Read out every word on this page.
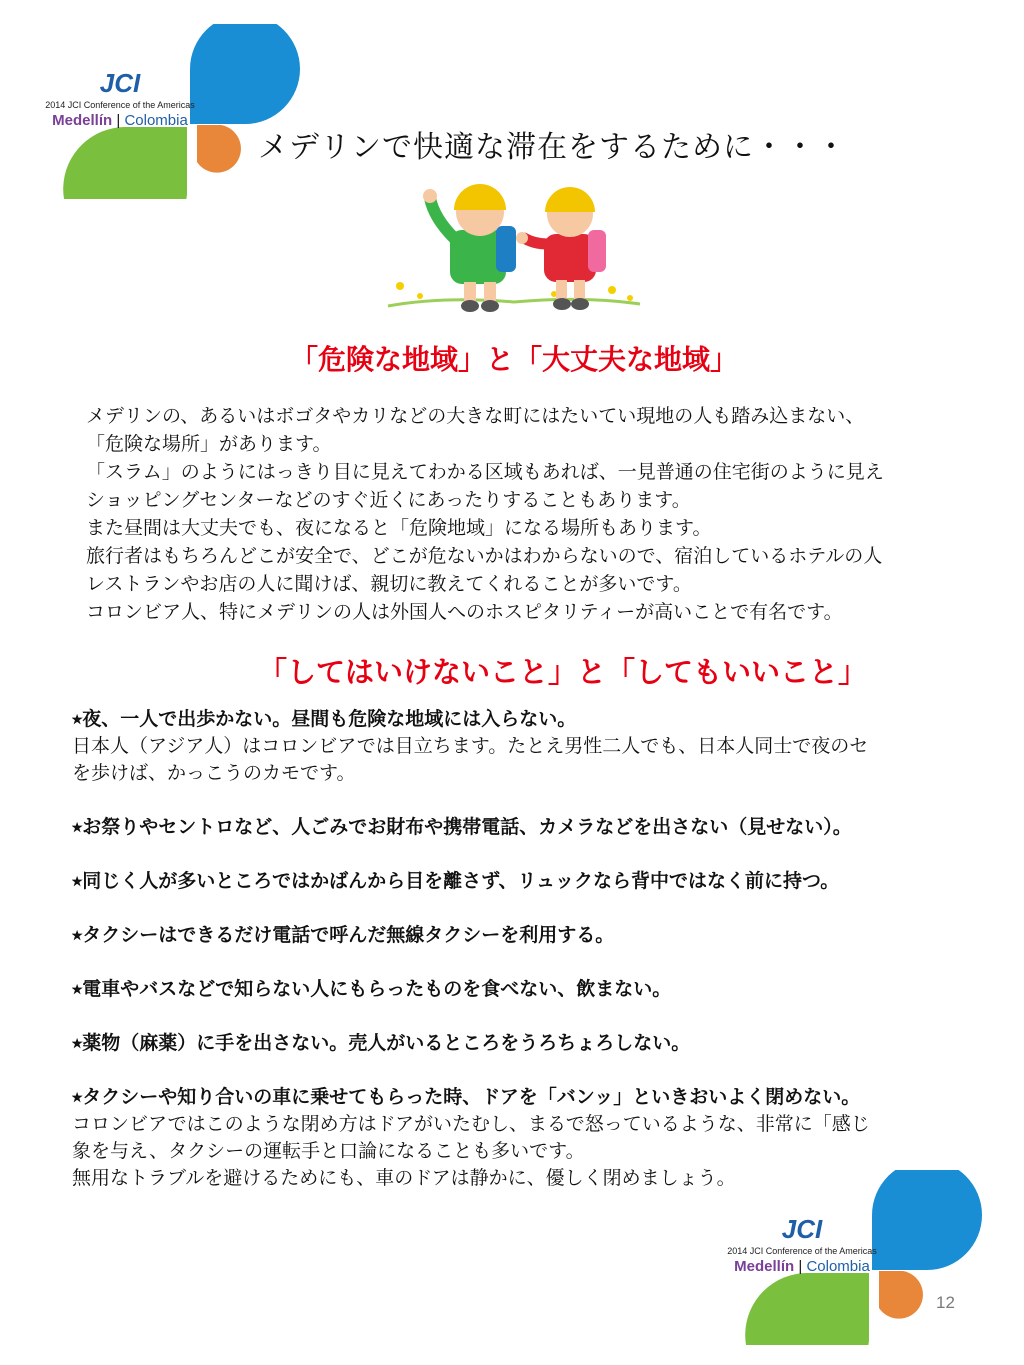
JCI
2014 JCI Conference of the Americas
Medellín | Colombia
メデリンで快適な滞在をするために・・・
「危険な地域」と「大丈夫な地域」
メデリンの、あるいはボゴタやカリなどの大きな町にはたいてい現地の人も踏み込まない、
「危険な場所」があります。
「スラム」のようにはっきり目に見えてわかる区域もあれば、一見普通の住宅街のように見え
ショッピングセンターなどのすぐ近くにあったりすることもあります。
また昼間は大丈夫でも、夜になると「危険地域」になる場所もあります。
旅行者はもちろんどこが安全で、どこが危ないかはわからないので、宿泊しているホテルの人
レストランやお店の人に聞けば、親切に教えてくれることが多いです。
コロンビア人、特にメデリンの人は外国人へのホスピタリティーが高いことで有名です。
「してはいけないこと」と「してもいいこと」
⭒夜、一人で出歩かない。昼間も危険な地域には入らない。
日本人（アジア人）はコロンビアでは目立ちます。たとえ男性二人でも、日本人同士で夜のセ
を歩けば、かっこうのカモです。
⭒お祭りやセントロなど、人ごみでお財布や携帯電話、カメラなどを出さない（見せない）。
⭒同じく人が多いところではかばんから目を離さず、リュックなら背中ではなく前に持つ。
⭒タクシーはできるだけ電話で呼んだ無線タクシーを利用する。
⭒電車やバスなどで知らない人にもらったものを食べない、飲まない。
⭒薬物（麻薬）に手を出さない。売人がいるところをうろちょろしない。
⭒タクシーや知り合いの車に乗せてもらった時、ドアを「バンッ」といきおいよく閉めない。
コロンビアではこのような閉め方はドアがいたむし、まるで怒っているような、非常に「感じ
象を与え、タクシーの運転手と口論になることも多いです。
無用なトラブルを避けるためにも、車のドアは静かに、優しく閉めましょう。
JCI
2014 JCI Conference of the Americas
Medellín | Colombia
12
